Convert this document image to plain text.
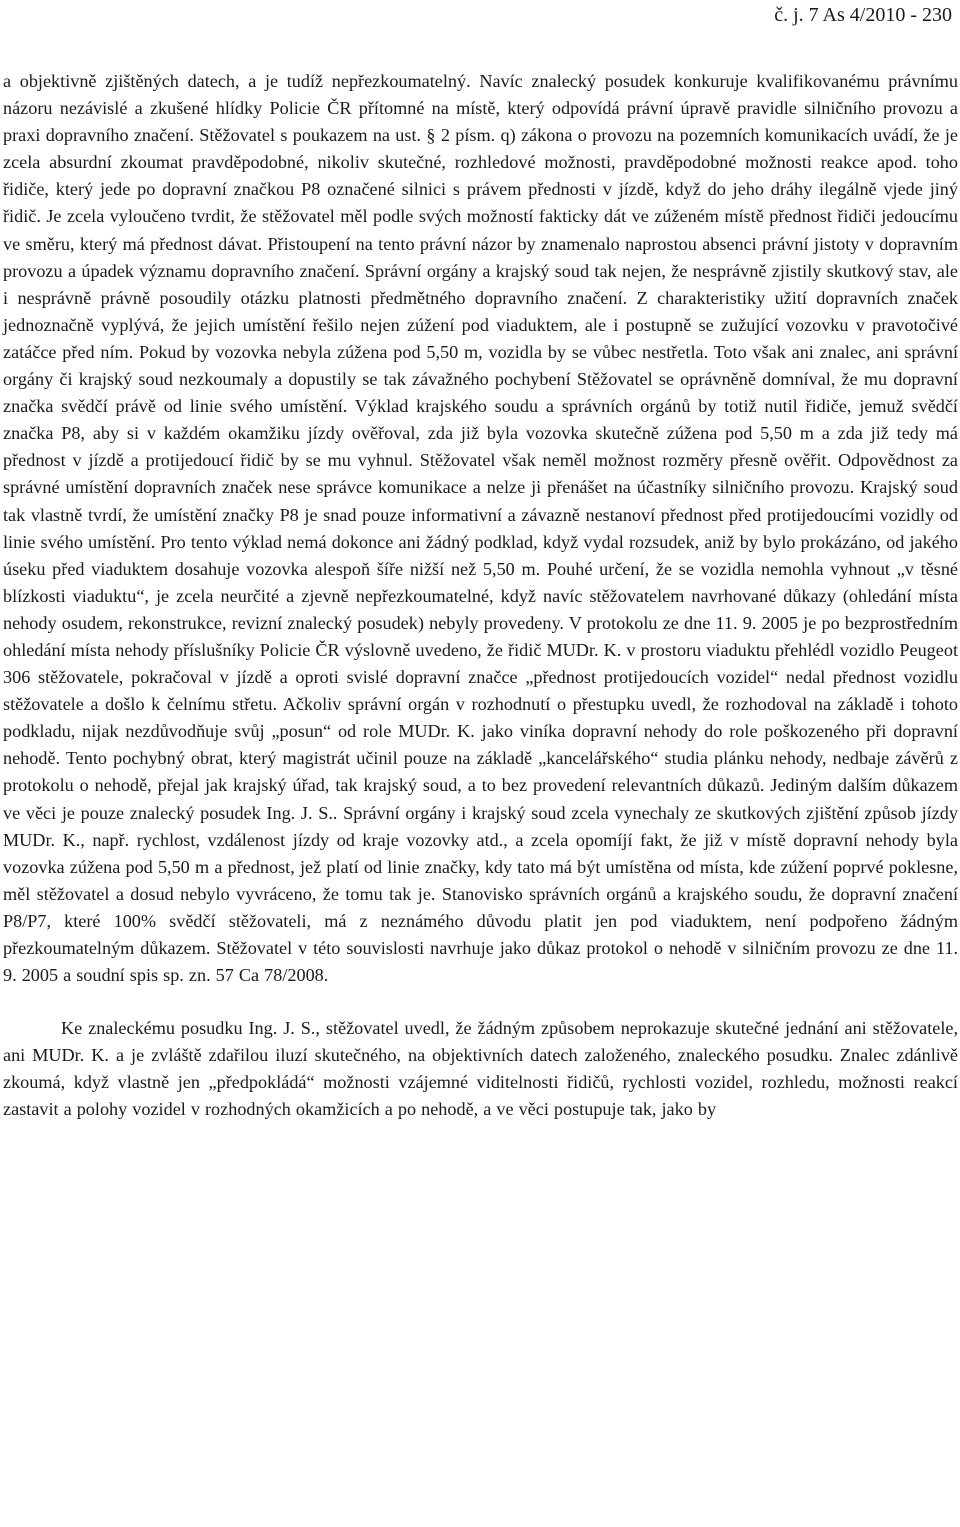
č. j. 7 As 4/2010 - 230

a objektivně zjištěných datech, a je tudíž nepřezkoumatelný. Navíc znalecký posudek konkuruje kvalifikovanému právnímu názoru nezávislé a zkušené hlídky Policie ČR přítomné na místě, který odpovídá právní úpravě pravidle silničního provozu a praxi dopravního značení. Stěžovatel s poukazem na ust. § 2 písm. q) zákona o provozu na pozemních komunikacích uvádí, že je zcela absurdní zkoumat pravděpodobné, nikoliv skutečné, rozhledové možnosti, pravděpodobné možnosti reakce apod. toho řidiče, který jede po dopravní značkou P8 označené silnici s právem přednosti v jízdě, když do jeho dráhy ilegálně vjede jiný řidič. Je zcela vyloučeno tvrdit, že stěžovatel měl podle svých možností fakticky dát ve zúženém místě přednost řidiči jedoucímu ve směru, který má přednost dávat. Přistoupení na tento právní názor by znamenalo naprostou absenci právní jistoty v dopravním provozu a úpadek významu dopravního značení. Správní orgány a krajský soud tak nejen, že nesprávně zjistily skutkový stav, ale i nesprávně právně posoudily otázku platnosti předmětného dopravního značení. Z charakteristiky užití dopravních značek jednoznačně vyplývá, že jejich umístění řešilo nejen zúžení pod viaduktem, ale i postupně se zužující vozovku v pravotočivé zatáčce před ním. Pokud by vozovka nebyla zúžena pod 5,50 m, vozidla by se vůbec nestřetla. Toto však ani znalec, ani správní orgány či krajský soud nezkoumaly a dopustily se tak závažného pochybení Stěžovatel se oprávněně domníval, že mu dopravní značka svědčí právě od linie svého umístění. Výklad krajského soudu a správních orgánů by totiž nutil řidiče, jemuž svědčí značka P8, aby si v každém okamžiku jízdy ověřoval, zda již byla vozovka skutečně zúžena pod 5,50 m a zda již tedy má přednost v jízdě a protijedoucí řidič by se mu vyhnul. Stěžovatel však neměl možnost rozměry přesně ověřit. Odpovědnost za správné umístění dopravních značek nese správce komunikace a nelze ji přenášet na účastníky silničního provozu. Krajský soud tak vlastně tvrdí, že umístění značky P8 je snad pouze informativní a závazně nestanoví přednost před protijedoucími vozidly od linie svého umístění. Pro tento výklad nemá dokonce ani žádný podklad, když vydal rozsudek, aniž by bylo prokázáno, od jakého úseku před viaduktem dosahuje vozovka alespoň šíře nižší než 5,50 m. Pouhé určení, že se vozidla nemohla vyhnout „v těsné blízkosti viaduktu“, je zcela neurčité a zjevně nepřezkoumatelné, když navíc stěžovatelem navrhované důkazy (ohledání místa nehody osudem, rekonstrukce, revizní znalecký posudek) nebyly provedeny. V protokolu ze dne 11. 9. 2005 je po bezprostředním ohledání místa nehody příslušníky Policie ČR výslovně uvedeno, že řidič MUDr. K. v prostoru viaduktu přehlédl vozidlo Peugeot 306 stěžovatele, pokračoval v jízdě a oproti svislé dopravní značce „přednost protijedoucích vozidel“ nedal přednost vozidlu stěžovatele a došlo k čelnímu střetu. Ačkoliv správní orgán v rozhodnutí o přestupku uvedl, že rozhodoval na základě i tohoto podkladu, nijak nezdůvodňuje svůj „posun“ od role MUDr. K. jako viníka dopravní nehody do role poškozeného při dopravní nehodě. Tento pochybný obrat, který magistrát učinil pouze na základě „kancelářského“ studia plánku nehody, nedbaje závěrů z protokolu o nehodě, přejal jak krajský úřad, tak krajský soud, a to bez provedení relevantních důkazů. Jediným dalším důkazem ve věci je pouze znalecký posudek Ing. J. S.. Správní orgány i krajský soud zcela vynechaly ze skutkových zjištění způsob jízdy MUDr. K., např. rychlost, vzdálenost jízdy od kraje vozovky atd., a zcela opomíjí fakt, že již v místě dopravní nehody byla vozovka zúžena pod 5,50 m a přednost, jež platí od linie značky, kdy tato má být umístěna od místa, kde zúžení poprvé poklesne, měl stěžovatel a dosud nebylo vyvráceno, že tomu tak je. Stanovisko správních orgánů a krajského soudu, že dopravní značení P8/P7, které 100% svědčí stěžovateli, má z neznámého důvodu platit jen pod viaduktem, není podpořeno žádným přezkoumatelným důkazem. Stěžovatel v této souvislosti navrhuje jako důkaz protokol o nehodě v silničním provozu ze dne 11. 9. 2005 a soudní spis sp. zn. 57 Ca 78/2008.

Ke znaleckému posudku Ing. J. S., stěžovatel uvedl, že žádným způsobem neprokazuje skutečné jednání ani stěžovatele, ani MUDr. K. a je zvláště zdařilou iluzí skutečného, na objektivních datech založeného, znaleckého posudku. Znalec zdánlivě zkoumá, když vlastně jen „předpokládá“ možnosti vzájemné viditelnosti řidičů, rychlosti vozidel, rozhledu, možnosti reakcí zastavit a polohy vozidel v rozhodných okamžicích a po nehodě, a ve věci postupuje tak, jako by
